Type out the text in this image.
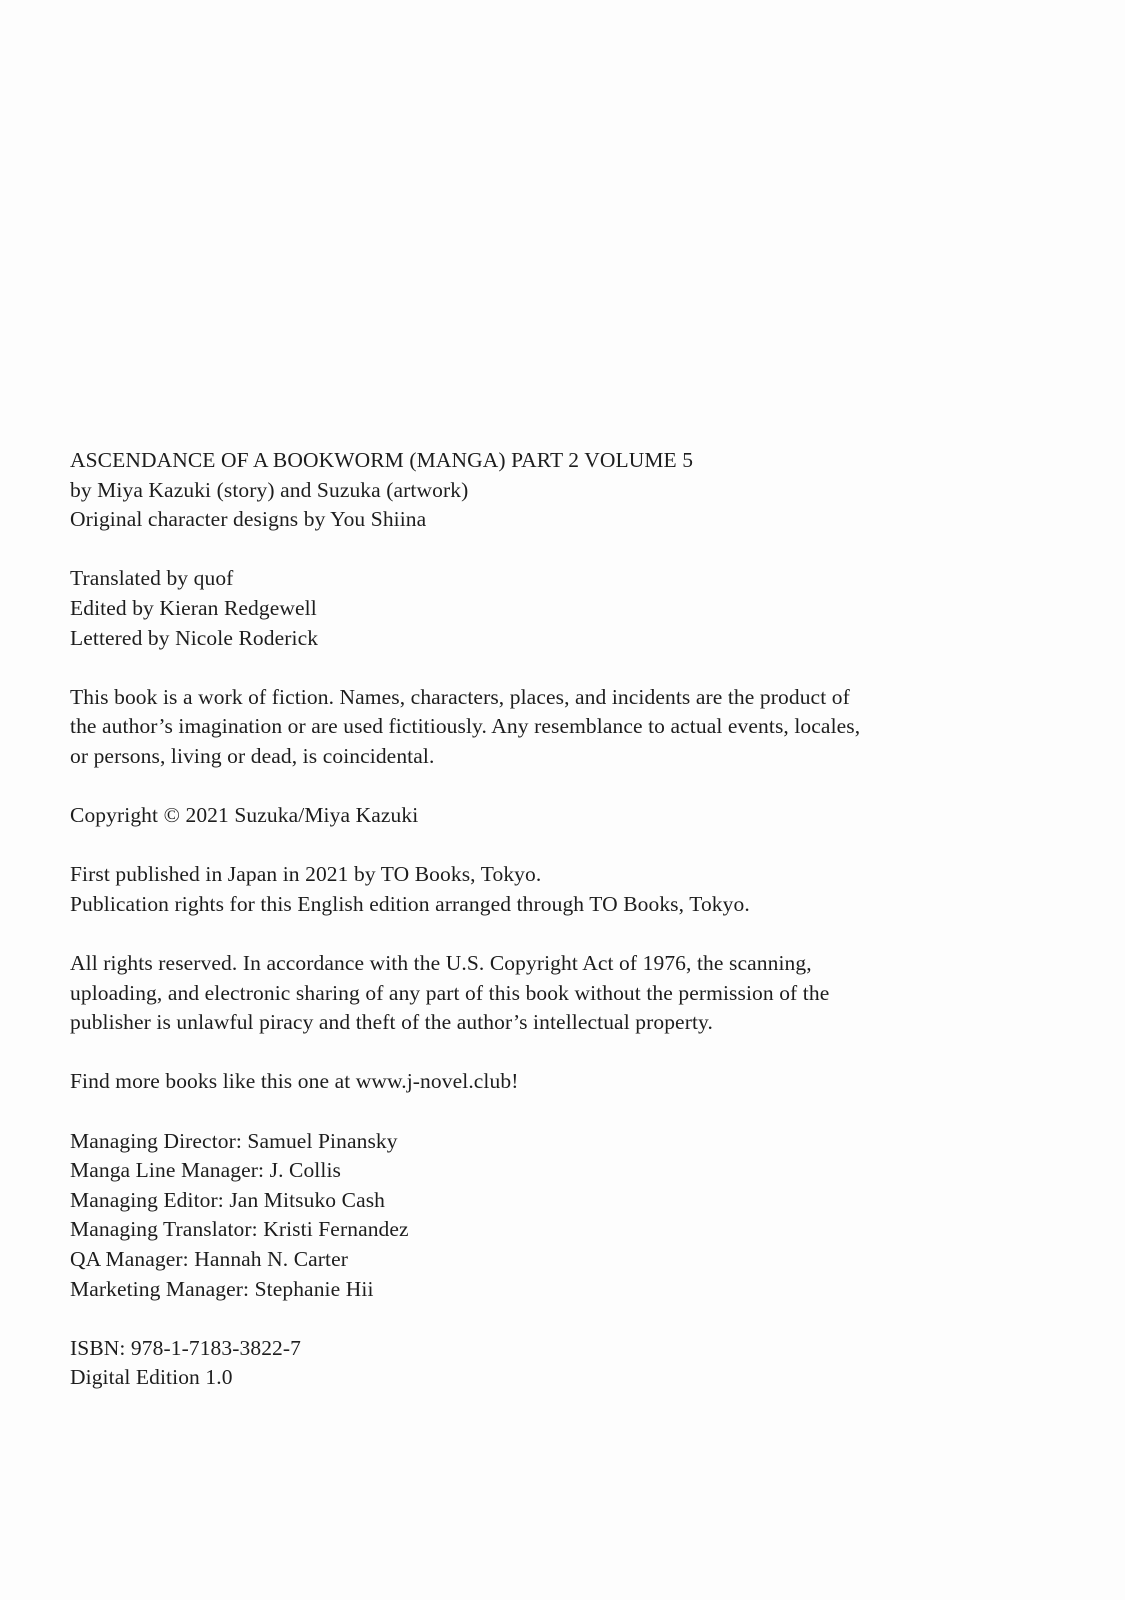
ASCENDANCE OF A BOOKWORM (MANGA) PART 2 VOLUME 5
by Miya Kazuki (story) and Suzuka (artwork)
Original character designs by You Shiina
Translated by quof
Edited by Kieran Redgewell
Lettered by Nicole Roderick
This book is a work of fiction. Names, characters, places, and incidents are the product of
the author’s imagination or are used fictitiously. Any resemblance to actual events, locales,
or persons, living or dead, is coincidental.
Copyright © 2021 Suzuka/Miya Kazuki
First published in Japan in 2021 by TO Books, Tokyo.
Publication rights for this English edition arranged through TO Books, Tokyo.
All rights reserved. In accordance with the U.S. Copyright Act of 1976, the scanning,
uploading, and electronic sharing of any part of this book without the permission of the
publisher is unlawful piracy and theft of the author’s intellectual property.
Find more books like this one at www.j-novel.club!
Managing Director: Samuel Pinansky
Manga Line Manager: J. Collis
Managing Editor: Jan Mitsuko Cash
Managing Translator: Kristi Fernandez
QA Manager: Hannah N. Carter
Marketing Manager: Stephanie Hii
ISBN: 978-1-7183-3822-7
Digital Edition 1.0
